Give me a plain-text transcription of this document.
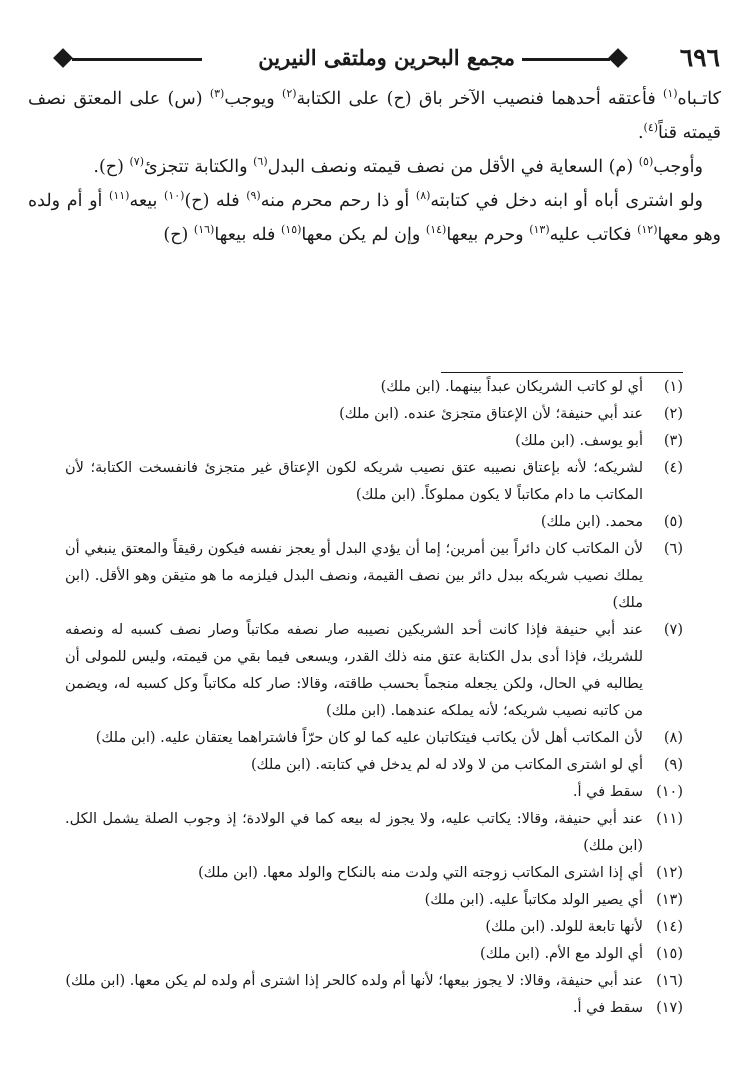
٦٩٦
مجمع البحرين وملتقى النيرين

كاتـباه$^{(١)}$ فأعتقه أحدهما فنصيب الآخر باق (ح) على الكتابة$^{(٢)}$ ويوجب$^{(٣)}$ (س) على المعتق نصف قيمته قناً$^{(٤)}$.

وأوجب$^{(٥)}$ (م) السعاية في الأقل من نصف قيمته ونصف البدل$^{(٦)}$ والكتابة تتجزئ$^{(٧)}$ (ح).

ولو اشترى أباه أو ابنه دخل في كتابته$^{(٨)}$ أو ذا رحم محرم منه$^{(٩)}$ فله (ح)$^{(١٠)}$ بيعه$^{(١١)}$ أو أم ولده وهو معها$^{(١٢)}$ فكاتب عليه$^{(١٣)}$ وحرم بيعها$^{(١٤)}$ وإن لم يكن معها$^{(١٥)}$ فله بيعها$^{(١٦)}$ (ح)

(١)
أي لو كاتب الشريكان عبداً بينهما. (ابن ملك)

(٢)
عند أبي حنيفة؛ لأن الإعتاق متجزئ عنده. (ابن ملك)

(٣)
أبو يوسف. (ابن ملك)

(٤)
لشريكه؛ لأنه بإعتاق نصيبه عتق نصيب شريكه لكون الإعتاق غير متجزئ فانفسخت الكتابة؛ لأن المكاتب ما دام مكاتباً لا يكون مملوكاً. (ابن ملك)

(٥)
محمد. (ابن ملك)

(٦)
لأن المكاتب كان دائراً بين أمرين؛ إما أن يؤدي البدل أو يعجز نفسه فيكون رقيقاً والمعتق ينبغي أن يملك نصيب شريكه ببدل دائر بين نصف القيمة، ونصف البدل فيلزمه ما هو متيقن وهو الأقل. (ابن ملك)

(٧)
عند أبي حنيفة فإذا كانت أحد الشريكين نصيبه صار نصفه مكاتباً وصار نصف كسبه له ونصفه للشريك، فإذا أدى بدل الكتابة عتق منه ذلك القدر، ويسعى فيما بقي من قيمته، وليس للمولى أن يطالبه في الحال، ولكن يجعله منجماً بحسب طاقته، وقالا: صار كله مكاتباً وكل كسبه له، ويضمن من كاتبه نصيب شريكه؛ لأنه يملكه عندهما. (ابن ملك)

(٨)
لأن المكاتب أهل لأن يكاتب فيتكاتبان عليه كما لو كان حرّاً فاشتراهما يعتقان عليه. (ابن ملك)

(٩)
أي لو اشترى المكاتب من لا ولاد له لم يدخل في كتابته. (ابن ملك)

(١٠)
سقط في أ.

(١١)
عند أبي حنيفة، وقالا: يكاتب عليه، ولا يجوز له بيعه كما في الولادة؛ إذ وجوب الصلة يشمل الكل. (ابن ملك)

(١٢)
أي إذا اشترى المكاتب زوجته التي ولدت منه بالنكاح والولد معها. (ابن ملك)

(١٣)
أي يصير الولد مكاتباً عليه. (ابن ملك)

(١٤)
لأنها تابعة للولد. (ابن ملك)

(١٥)
أي الولد مع الأم. (ابن ملك)

(١٦)
عند أبي حنيفة، وقالا: لا يجوز بيعها؛ لأنها أم ولده كالحر إذا اشترى أم ولده لم يكن معها. (ابن ملك)

(١٧)
سقط في أ.
